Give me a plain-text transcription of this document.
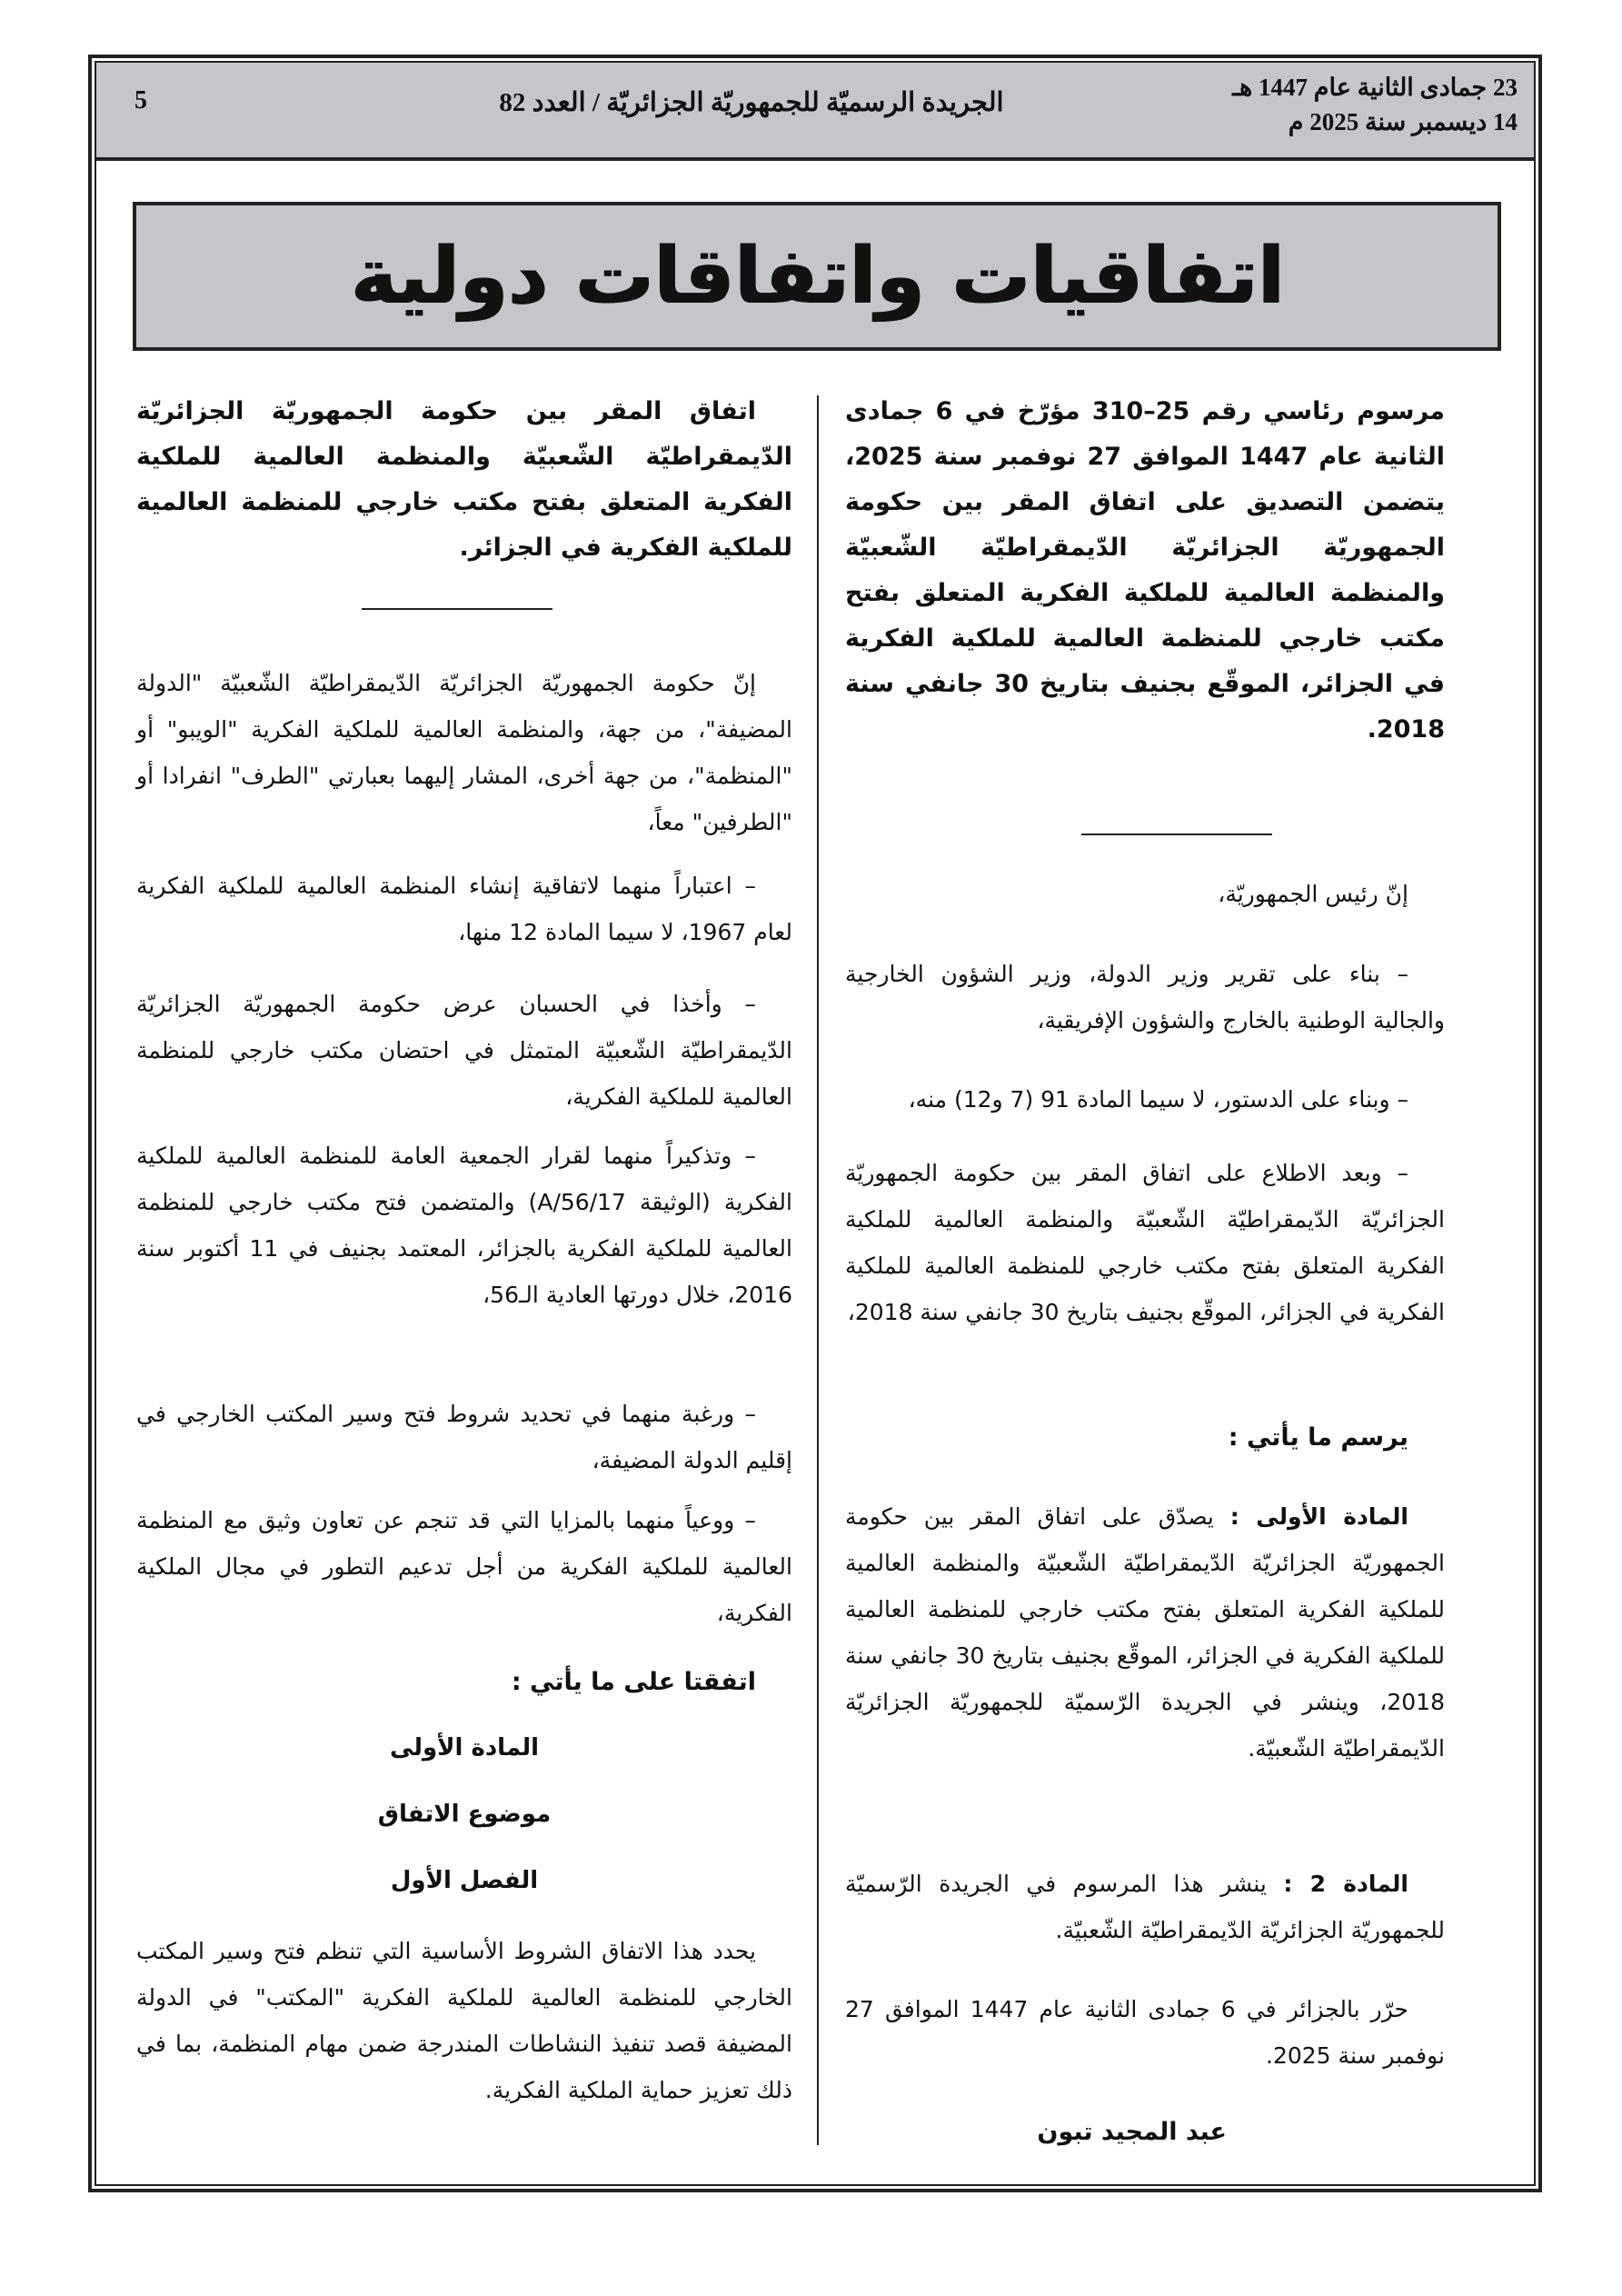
23 جمادى الثانية عام 1447 هـ
14 ديسمبر سنة 2025 م
الجريدة الرسميّة للجمهوريّة الجزائريّة / العدد 82
5
اتفاقيات واتفاقات دولية
مرسوم رئاسي رقم 25–310 مؤرّخ في 6 جمادى الثانية عام 1447 الموافق 27 نوفمبر سنة 2025، يتضمن التصديق على اتفاق المقر بين حكومة الجمهوريّة الجزائريّة الدّيمقراطيّة الشّعبيّة والمنظمة العالمية للملكية الفكرية المتعلق بفتح مكتب خارجي للمنظمة العالمية للملكية الفكرية في الجزائر، الموقّع بجنيف بتاريخ 30 جانفي سنة 2018.
إنّ رئيس الجمهوريّة،
– بناء على تقرير وزير الدولة، وزير الشؤون الخارجية والجالية الوطنية بالخارج والشؤون الإفريقية،
– وبناء على الدستور، لا سيما المادة 91 (7 و12) منه،
– وبعد الاطلاع على اتفاق المقر بين حكومة الجمهوريّة الجزائريّة الدّيمقراطيّة الشّعبيّة والمنظمة العالمية للملكية الفكرية المتعلق بفتح مكتب خارجي للمنظمة العالمية للملكية الفكرية في الجزائر، الموقّع بجنيف بتاريخ 30 جانفي سنة 2018،
يرسم ما يأتي :
المادة الأولى : يصدّق على اتفاق المقر بين حكومة الجمهوريّة الجزائريّة الدّيمقراطيّة الشّعبيّة والمنظمة العالمية للملكية الفكرية المتعلق بفتح مكتب خارجي للمنظمة العالمية للملكية الفكرية في الجزائر، الموقّع بجنيف بتاريخ 30 جانفي سنة 2018، وينشر في الجريدة الرّسميّة للجمهوريّة الجزائريّة الدّيمقراطيّة الشّعبيّة.
المادة 2 : ينشر هذا المرسوم في الجريدة الرّسميّة للجمهوريّة الجزائريّة الدّيمقراطيّة الشّعبيّة.
حرّر بالجزائر في 6 جمادى الثانية عام 1447 الموافق 27 نوفمبر سنة 2025.
عبد المجيد تبون
اتفاق المقر بين حكومة الجمهوريّة الجزائريّة الدّيمقراطيّة الشّعبيّة والمنظمة العالمية للملكية الفكرية المتعلق بفتح مكتب خارجي للمنظمة العالمية للملكية الفكرية في الجزائر.
إنّ حكومة الجمهوريّة الجزائريّة الدّيمقراطيّة الشّعبيّة "الدولة المضيفة"، من جهة، والمنظمة العالمية للملكية الفكرية "الويبو" أو "المنظمة"، من جهة أخرى، المشار إليهما بعبارتي "الطرف" انفرادا أو "الطرفين" معاً،
– اعتباراً منهما لاتفاقية إنشاء المنظمة العالمية للملكية الفكرية لعام 1967، لا سيما المادة 12 منها،
– وأخذا في الحسبان عرض حكومة الجمهوريّة الجزائريّة الدّيمقراطيّة الشّعبيّة المتمثل في احتضان مكتب خارجي للمنظمة العالمية للملكية الفكرية،
– وتذكيراً منهما لقرار الجمعية العامة للمنظمة العالمية للملكية الفكرية (الوثيقة A/56/17) والمتضمن فتح مكتب خارجي للمنظمة العالمية للملكية الفكرية بالجزائر، المعتمد بجنيف في 11 أكتوبر سنة 2016، خلال دورتها العادية الـ56،
– ورغبة منهما في تحديد شروط فتح وسير المكتب الخارجي في إقليم الدولة المضيفة،
– ووعياً منهما بالمزايا التي قد تنجم عن تعاون وثيق مع المنظمة العالمية للملكية الفكرية من أجل تدعيم التطور في مجال الملكية الفكرية،
اتفقتا على ما يأتي :
المادة الأولى
موضوع الاتفاق
الفصل الأول
يحدد هذا الاتفاق الشروط الأساسية التي تنظم فتح وسير المكتب الخارجي للمنظمة العالمية للملكية الفكرية "المكتب" في الدولة المضيفة قصد تنفيذ النشاطات المندرجة ضمن مهام المنظمة، بما في ذلك تعزيز حماية الملكية الفكرية.
